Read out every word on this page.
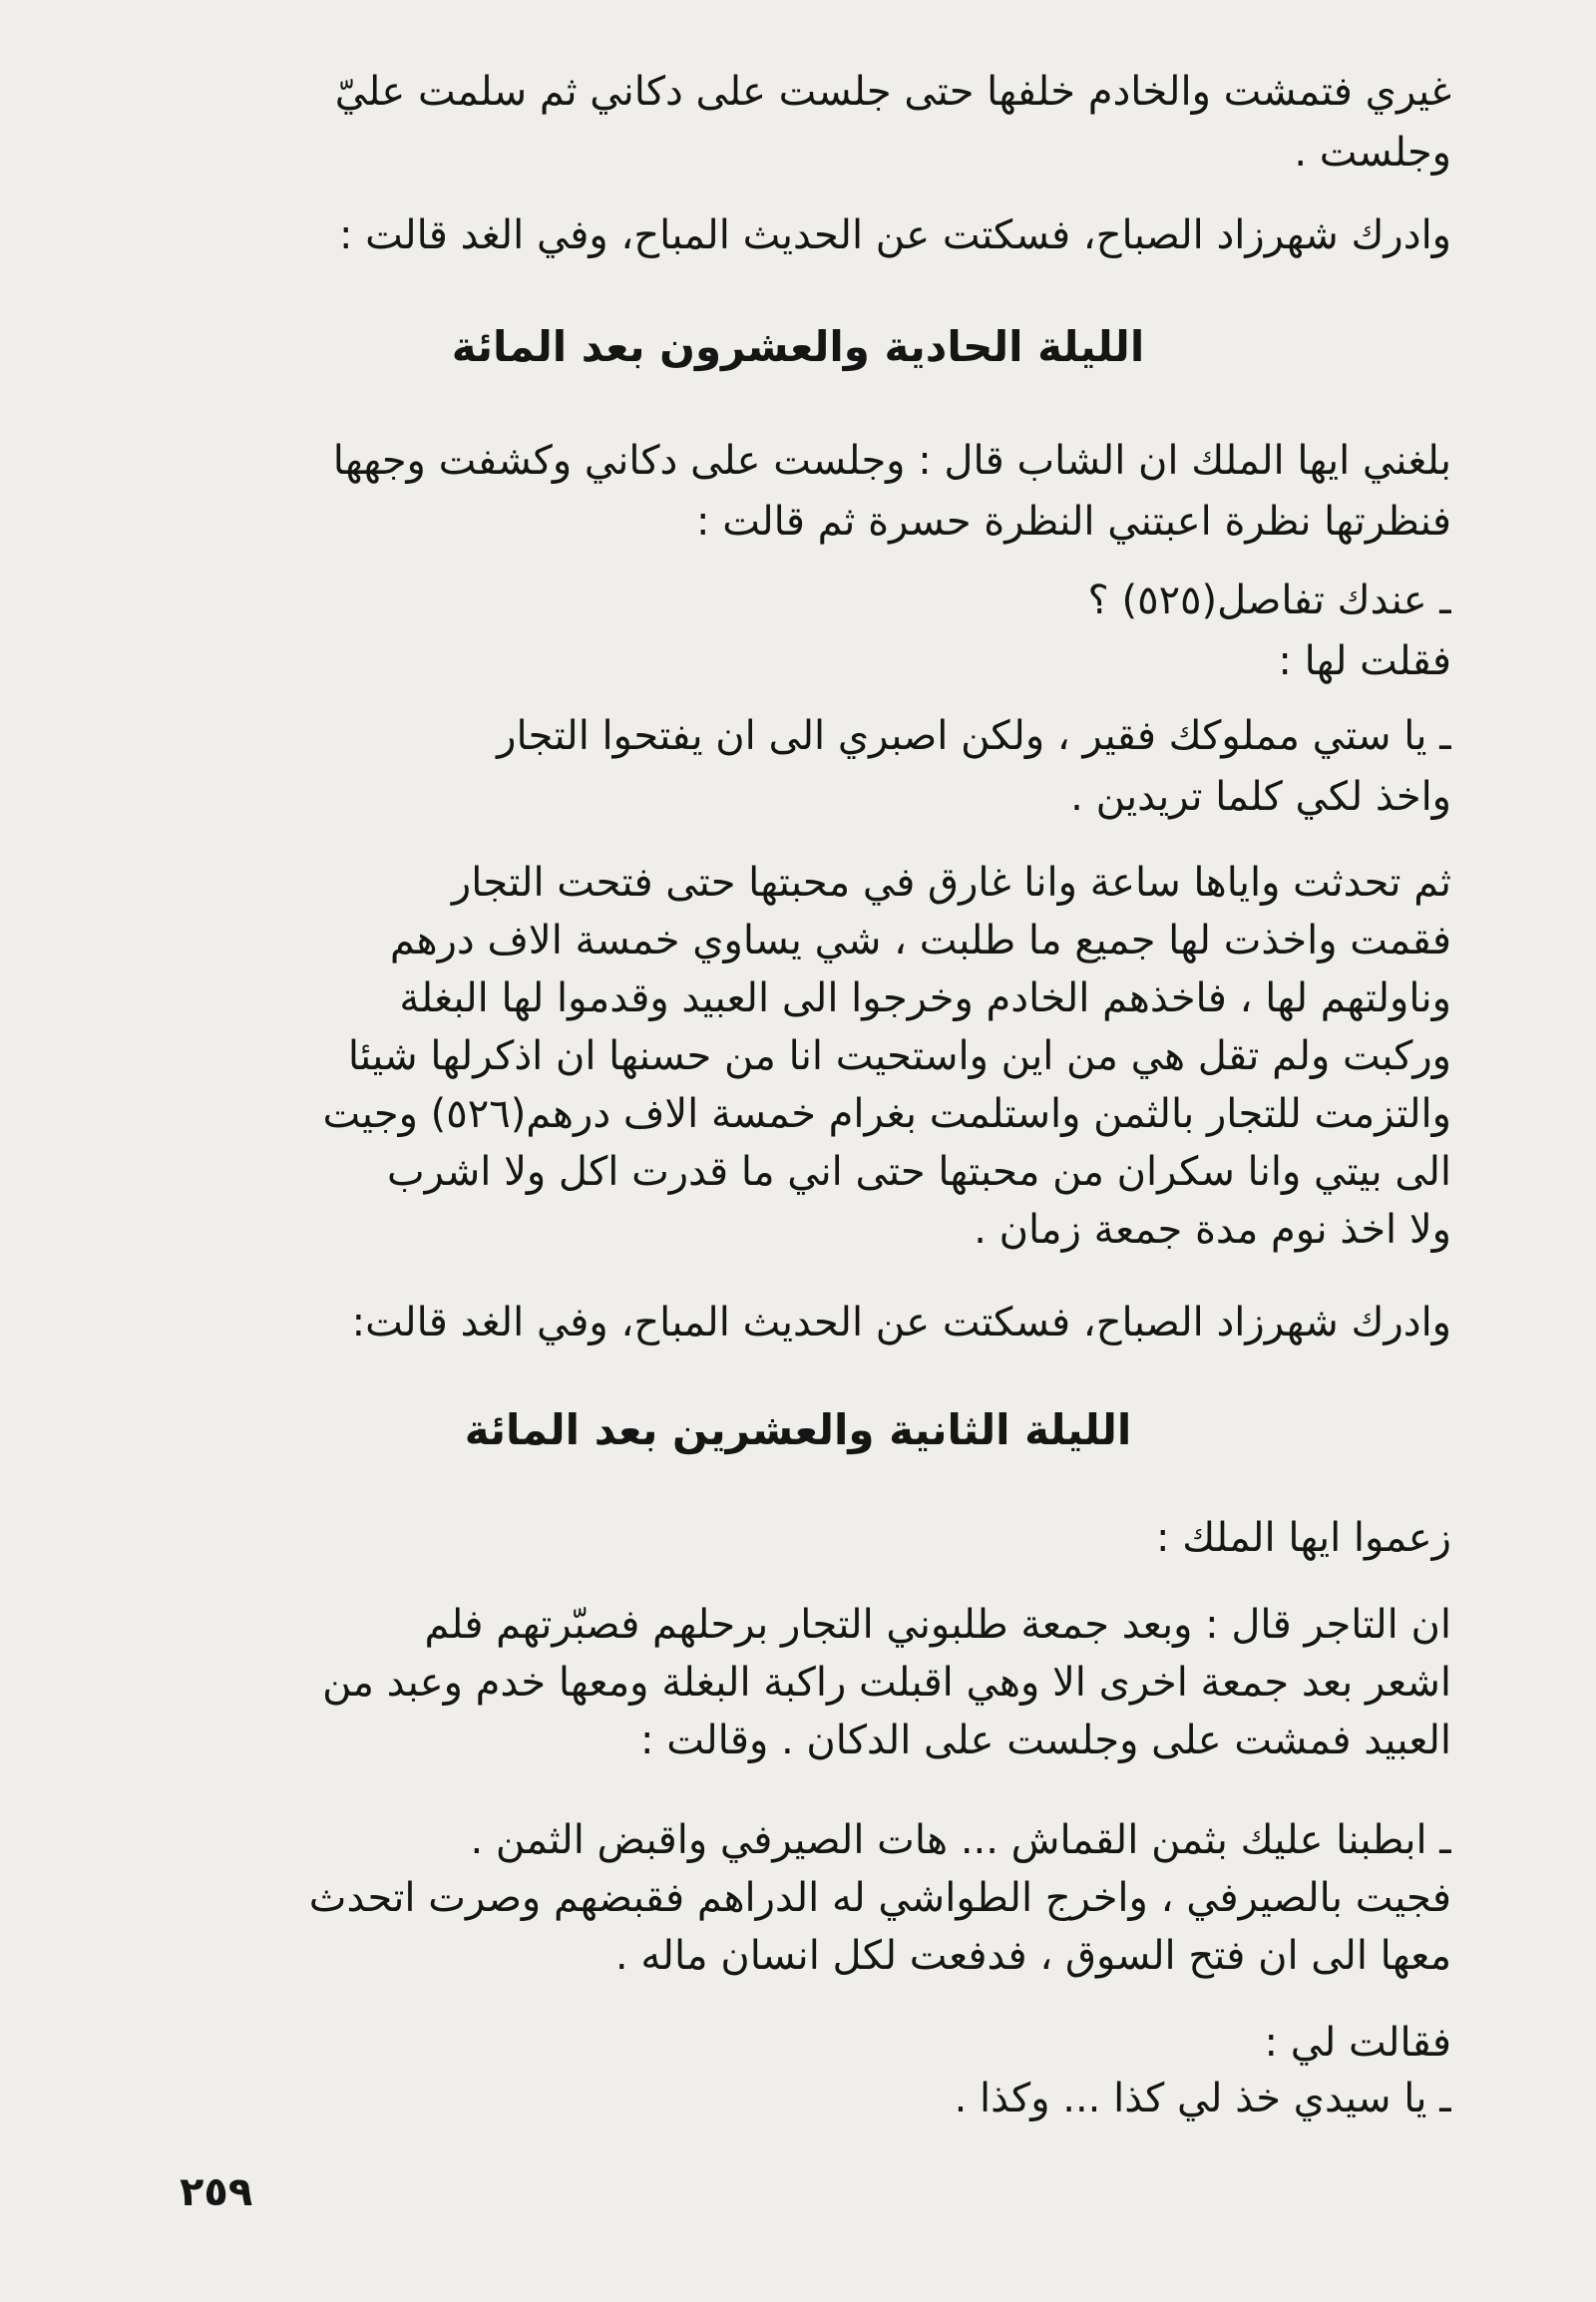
غيري فتمشت والخادم خلفها حتى جلست على دكاني ثم سلمت عليّ
وجلست .
وادرك شهرزاد الصباح، فسكتت عن الحديث المباح، وفي الغد قالت :
الليلة الحادية والعشرون بعد المائة
بلغني ايها الملك ان الشاب قال : وجلست على دكاني وكشفت وجهها
فنظرتها نظرة اعبتني النظرة حسرة ثم قالت :
ـ عندك تفاصل(٥٢٥) ؟
فقلت لها :
ـ يا ستي مملوكك فقير ، ولكن اصبري الى ان يفتحوا التجار
واخذ لكي كلما تريدين .
ثم تحدثت واياها ساعة وانا غارق في محبتها حتى فتحت التجار
فقمت واخذت لها جميع ما طلبت ، شي يساوي خمسة الاف درهم
وناولتهم لها ، فاخذهم الخادم وخرجوا الى العبيد وقدموا لها البغلة
وركبت ولم تقل هي من اين واستحيت انا من حسنها ان اذكرلها شيئا
والتزمت للتجار بالثمن واستلمت بغرام خمسة الاف درهم(٥٢٦) وجيت
الى بيتي وانا سكران من محبتها حتى اني ما قدرت اكل ولا اشرب
ولا اخذ نوم مدة جمعة زمان .
وادرك شهرزاد الصباح، فسكتت عن الحديث المباح، وفي الغد قالت:
الليلة الثانية والعشرين بعد المائة
زعموا ايها الملك :
ان التاجر قال : وبعد جمعة طلبوني التجار برحلهم فصبّرتهم فلم
اشعر بعد جمعة اخرى الا وهي اقبلت راكبة البغلة ومعها خدم وعبد من
العبيد فمشت على وجلست على الدكان . وقالت :
ـ ابطبنا عليك بثمن القماش ... هات الصيرفي واقبض الثمن .
فجيت بالصيرفي ، واخرج الطواشي له الدراهم فقبضهم وصرت اتحدث
معها الى ان فتح السوق ، فدفعت لكل انسان ماله .
فقالت لي :
ـ يا سيدي خذ لي كذا ... وكذا .
٢٥٩
